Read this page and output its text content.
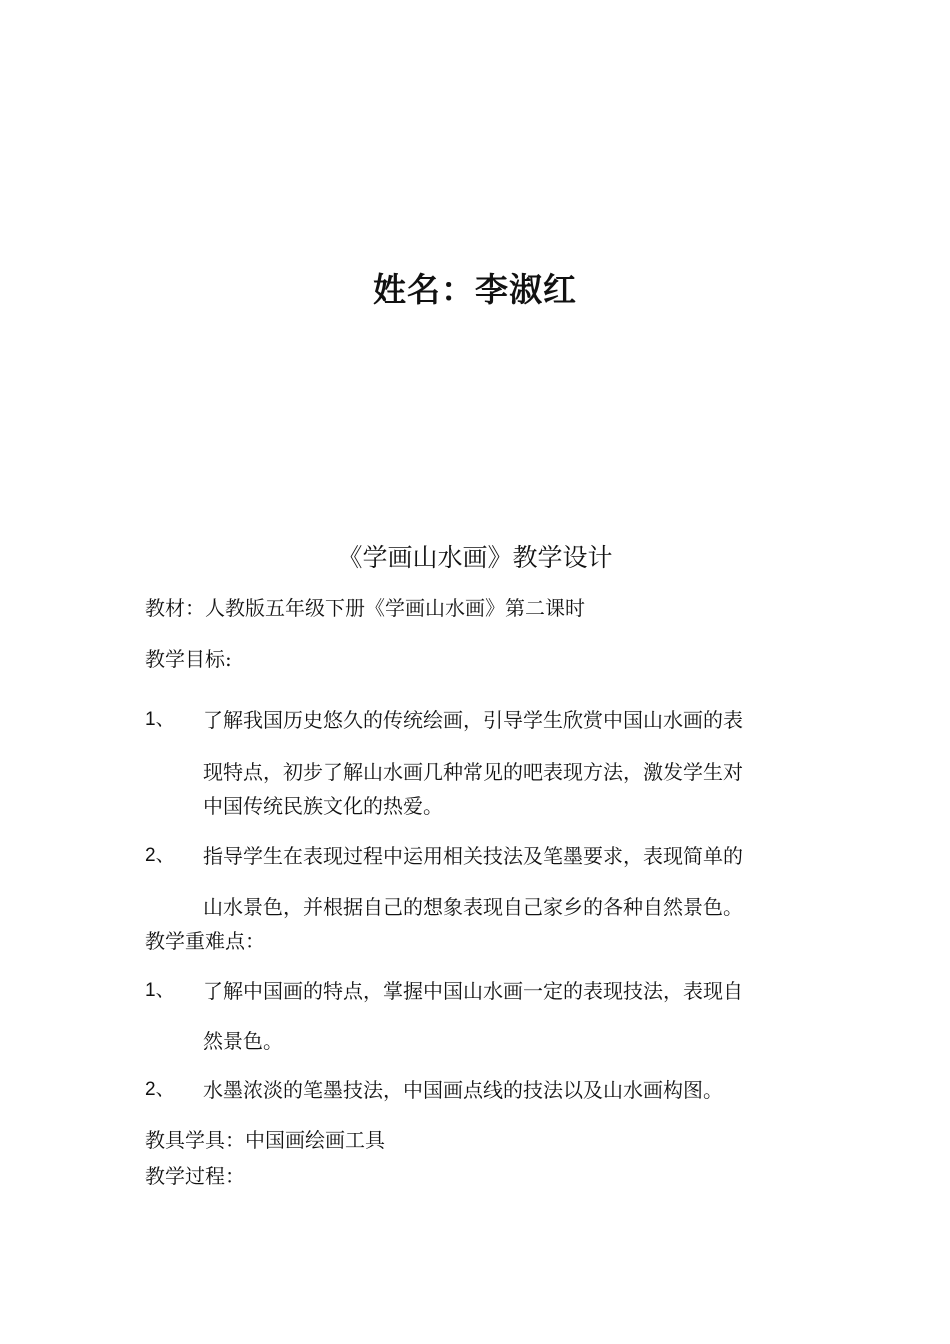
姓名：李淑红
《学画山水画》教学设计
教材：人教版五年级下册《学画山水画》第二课时
教学目标:
1、 了解我国历史悠久的传统绘画，引导学生欣赏中国山水画的表
现特点，初步了解山水画几种常见的吧表现方法，激发学生对
中国传统民族文化的热爱。
2、 指导学生在表现过程中运用相关技法及笔墨要求，表现简单的
山水景色，并根据自己的想象表现自己家乡的各种自然景色。
教学重难点：
1、 了解中国画的特点，掌握中国山水画一定的表现技法，表现自
然景色。
2、 水墨浓淡的笔墨技法，中国画点线的技法以及山水画构图。
教具学具：中国画绘画工具
教学过程：
